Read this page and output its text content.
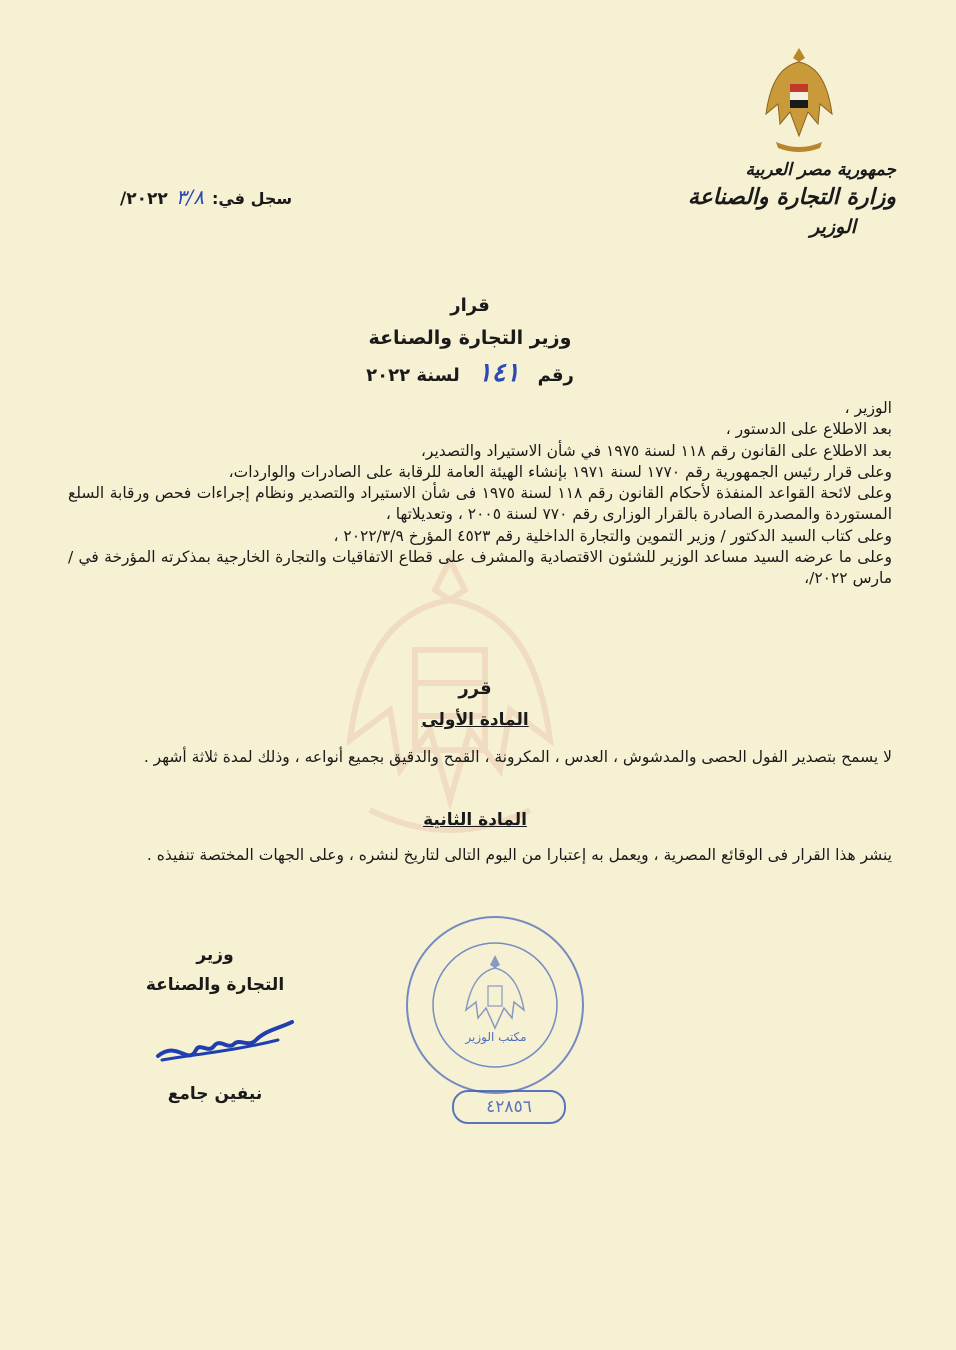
جمهورية مصر العربية
وزارة التجارة والصناعة
الوزير
سجل في:
٣/٨
٢٠٢٢/
قرار
وزير التجارة والصناعة
رقم
١٤١
لسنة ٢٠٢٢

الوزير ،

بعد الاطلاع على الدستور ،

بعد الاطلاع على القانون رقم ١١٨ لسنة ١٩٧٥ في شأن الاستيراد والتصدير،

وعلى قرار رئيس الجمهورية رقم ١٧٧٠ لسنة ١٩٧١ بإنشاء الهيئة العامة للرقابة على الصادرات والواردات،

وعلى لائحة القواعد المنفذة لأحكام القانون رقم ١١٨ لسنة ١٩٧٥ فى شأن الاستيراد والتصدير ونظام إجراءات فحص ورقابة السلع المستوردة والمصدرة الصادرة بالقرار الوزارى رقم ٧٧٠ لسنة ٢٠٠٥ ، وتعديلاتها ،

وعلى كتاب السيد الدكتور / وزير التموين والتجارة الداخلية رقم ٤٥٢٣ المؤرخ ٢٠٢٢/٣/٩ ،

وعلى ما عرضه السيد مساعد الوزير للشئون الاقتصادية والمشرف على قطاع الاتفاقيات والتجارة الخارجية بمذكرته المؤرخة في / مارس ٢٠٢٢/،

قرر
المادة الأولى
لا يسمح بتصدير الفول الحصى والمدشوش ، العدس ، المكرونة ، القمح والدقيق بجميع أنواعه ، وذلك لمدة ثلاثة أشهر .
المادة الثانية
ينشر هذا القرار فى الوقائع المصرية ، ويعمل به إعتبارا من اليوم التالى لتاريخ لنشره ، وعلى الجهات المختصة تنفيذه .
مكتب الوزير
٤٢٨٥٦
وزير
التجارة والصناعة
نيفين جامع
